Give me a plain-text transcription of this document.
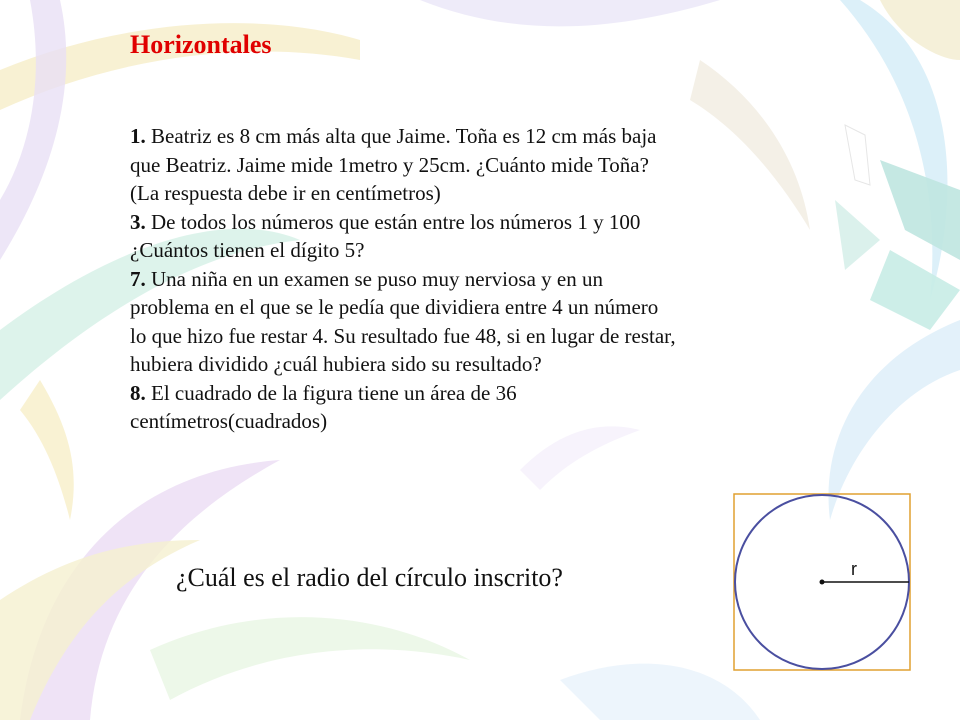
Horizontales

1. Beatriz es 8 cm más alta que Jaime. Toña es 12 cm más baja
que Beatriz. Jaime mide 1metro y 25cm. ¿Cuánto mide Toña?
(La respuesta debe ir en centímetros)

3. De todos los números que están entre los números 1 y 100
¿Cuántos tienen el dígito 5?

7. Una niña en un examen se puso muy nerviosa y en un
problema en el que se le pedía que dividiera entre 4 un número
lo que hizo fue restar 4. Su resultado fue 48, si en lugar de restar,
hubiera dividido ¿cuál hubiera sido su resultado?

8. El cuadrado de la figura tiene un área de 36
centímetros(cuadrados)

¿Cuál es el radio del círculo inscrito?	r
